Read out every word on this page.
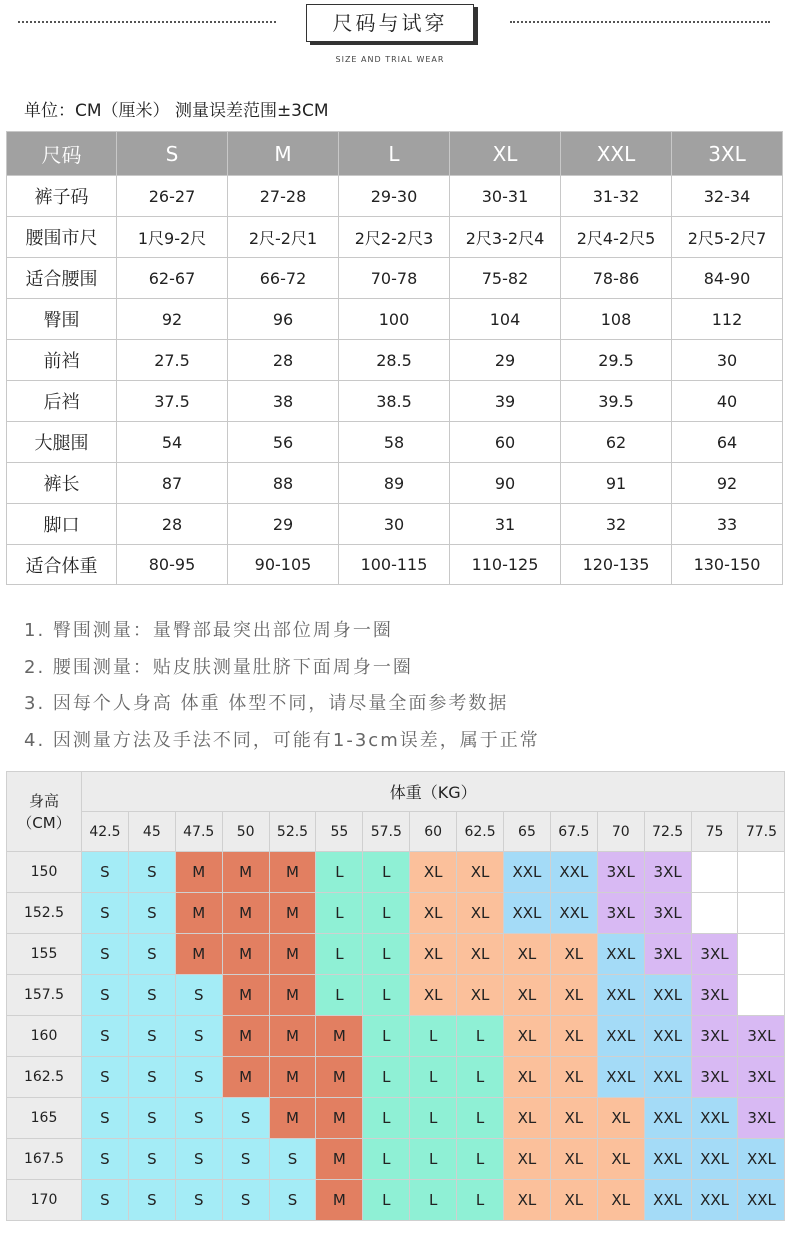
尺码与试穿
SIZE AND TRIAL WEAR
单位：CM（厘米） 测量误差范围±3CM
尺码	S	M	L	XL	XXL	3XL
裤子码	26-27	27-28	29-30	30-31	31-32	32-34
腰围市尺	1尺9-2尺	2尺-2尺1	2尺2-2尺3	2尺3-2尺4	2尺4-2尺5	2尺5-2尺7
适合腰围	62-67	66-72	70-78	75-82	78-86	84-90
臀围	92	96	100	104	108	112
前裆	27.5	28	28.5	29	29.5	30
后裆	37.5	38	38.5	39	39.5	40
大腿围	54	56	58	60	62	64
裤长	87	88	89	90	91	92
脚口	28	29	30	31	32	33
适合体重	80-95	90-105	100-115	110-125	120-135	130-150
1. 臀围测量：量臀部最突出部位周身一圈
2. 腰围测量：贴皮肤测量肚脐下面周身一圈
3. 因每个人身高 体重 体型不同，请尽量全面参考数据
4. 因测量方法及手法不同，可能有1-3cm误差，属于正常
身高
（CM）	体重（KG）														
	42.5	45	47.5	50	52.5	55	57.5	60	62.5	65	67.5	70	72.5	75	77.5
150	S	S	M	M	M	L	L	XL	XL	XXL	XXL	3XL	3XL		
152.5	S	S	M	M	M	L	L	XL	XL	XXL	XXL	3XL	3XL		
155	S	S	M	M	M	L	L	XL	XL	XL	XL	XXL	3XL	3XL	
157.5	S	S	S	M	M	L	L	XL	XL	XL	XL	XXL	XXL	3XL	
160	S	S	S	M	M	M	L	L	L	XL	XL	XXL	XXL	3XL	3XL
162.5	S	S	S	M	M	M	L	L	L	XL	XL	XXL	XXL	3XL	3XL
165	S	S	S	S	M	M	L	L	L	XL	XL	XL	XXL	XXL	3XL
167.5	S	S	S	S	S	M	L	L	L	XL	XL	XL	XXL	XXL	XXL
170	S	S	S	S	S	M	L	L	L	XL	XL	XL	XXL	XXL	XXL
